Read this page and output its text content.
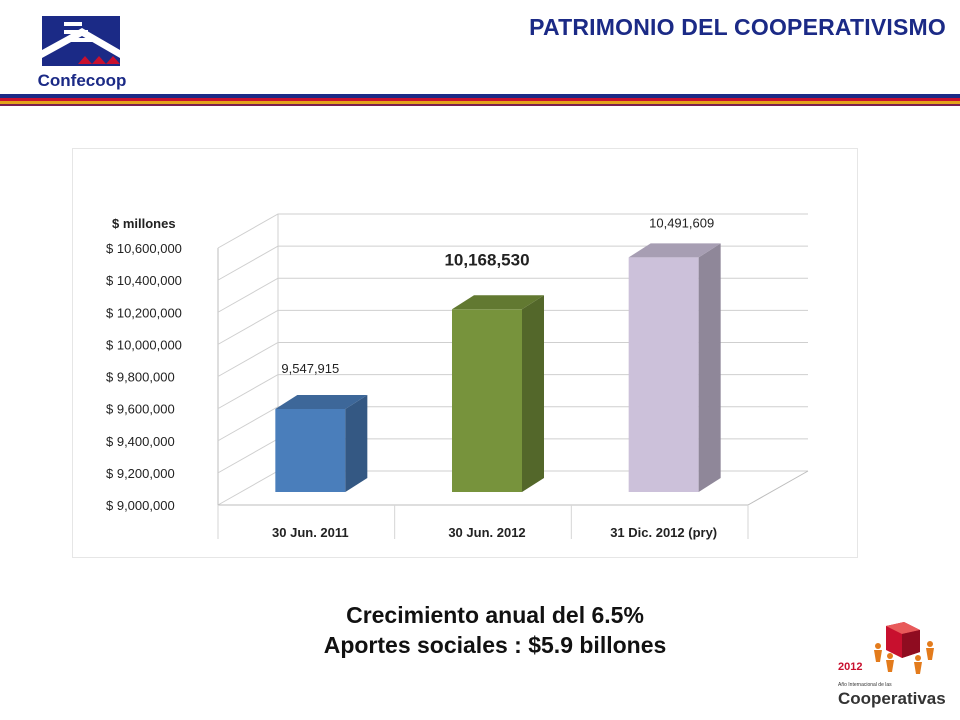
Confecoop
PATRIMONIO DEL COOPERATIVISMO
$ 9,000,000
$ 9,200,000
$ 9,400,000
$ 9,600,000
$ 9,800,000
$ 10,000,000
$ 10,200,000
$ 10,400,000
$ 10,600,000
9,547,915
10,168,530
10,491,609
30 Jun. 2011	30 Jun. 2012	31 Dic. 2012 (pry)
$ millones
Crecimiento anual del 6.5%
Aportes sociales : $5.9 billones
2012
Año Internacional de las
Cooperativas
